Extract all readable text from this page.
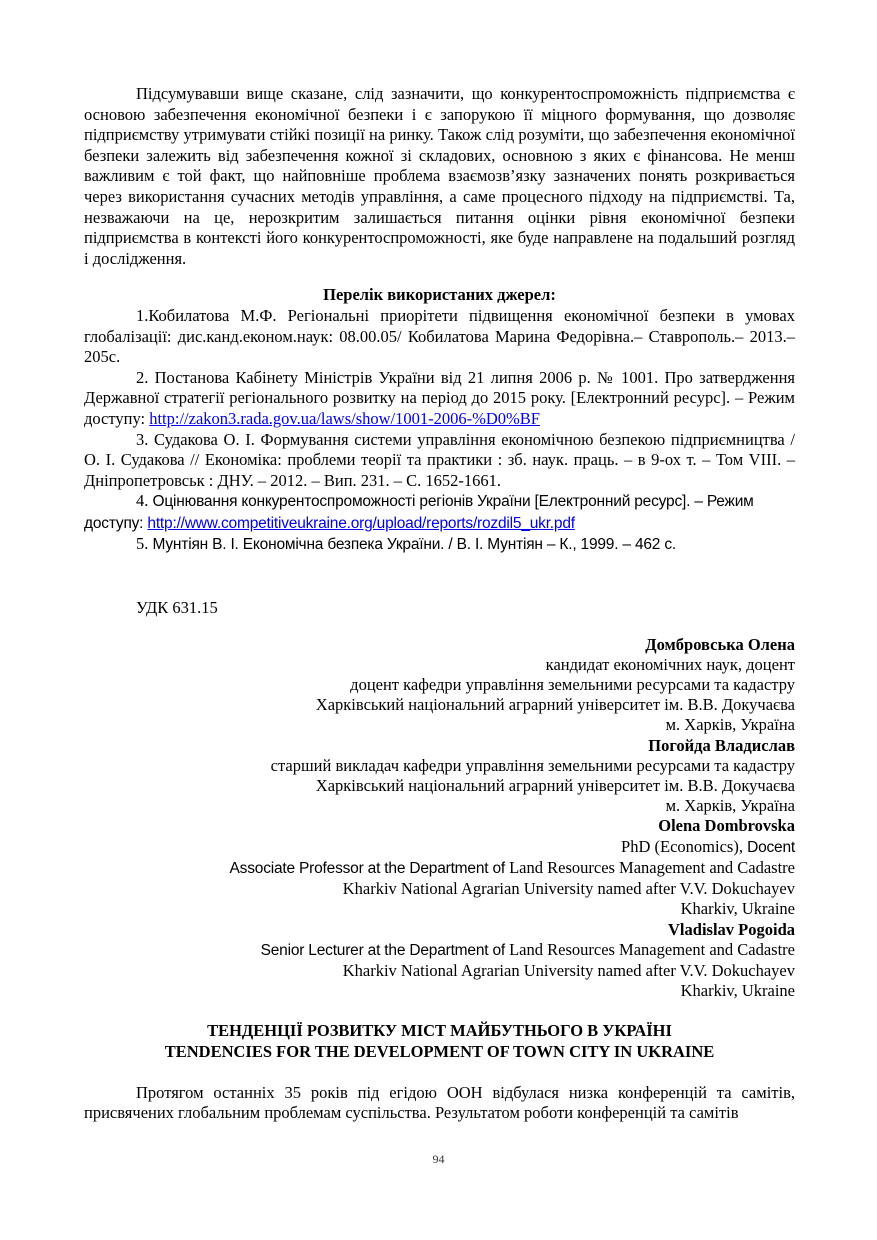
Підсумувавши вище сказане, слід зазначити, що конкурентоспроможність підприємства є основою забезпечення економічної безпеки і є запорукою її міцного формування, що дозволяє підприємству утримувати стійкі позиції на ринку. Також слід розуміти, що забезпечення економічної безпеки залежить від забезпечення кожної зі складових, основною з яких є фінансова. Не менш важливим є той факт, що найповніше проблема взаємозв’язку зазначених понять розкривається через використання сучасних методів управління, а саме процесного підходу на підприємстві. Та, незважаючи на це, нерозкритим залишається питання оцінки рівня економічної безпеки підприємства в контексті його конкурентоспроможності, яке буде направлене на подальший розгляд і дослідження.

Перелік використаних джерел:

1.Кобилатова М.Ф. Регіональні приорітети підвищення економічної безпеки в умовах глобалізації: дис.канд.економ.наук: 08.00.05/ Кобилатова Марина Федорівна.– Ставрополь.– 2013.–205с.

2. Постанова Кабінету Міністрів України від 21 липня 2006 р. № 1001. Про затвердження Державної стратегії регіонального розвитку на період до 2015 року. [Електронний ресурс]. – Режим доступу: http://zakon3.rada.gov.ua/laws/show/1001-2006-%D0%BF

3. Судакова О. І. Формування системи управління економічною безпекою підприємництва / О. І. Судакова // Економіка: проблеми теорії та практики : зб. наук. праць. – в 9-ох т. – Том VIII. – Дніпропетровськ : ДНУ. – 2012. – Вип. 231. – С. 1652-1661.

4. Оцінювання конкурентоспроможності регіонів України [Електронний ресурс]. – Режим доступу: http://www.competitiveukraine.org/upload/reports/rozdil5_ukr.pdf

5. Мунтіян В. І. Економічна безпека України. / В. І. Мунтіян – К., 1999. – 462 с.

УДК 631.15

Домбровська Олена

кандидат економічних наук, доцент

доцент кафедри управління земельними ресурсами та кадастру

Харківський національний аграрний університет ім. В.В. Докучаєва

м. Харків, Україна

Погойда Владислав

старший викладач кафедри управління земельними ресурсами та кадастру

Харківський національний аграрний університет ім. В.В. Докучаєва

м. Харків, Україна

Olena Dombrovska

PhD (Economics), Docent

Associate Professor at the Department of Land Resources Management and Cadastre

Kharkiv National Agrarian University named after V.V. Dokuchayev

Kharkiv, Ukraine

Vladislav Pogoida

Senior Lecturer at the Department of Land Resources Management and Cadastre

Kharkiv National Agrarian University named after V.V. Dokuchayev

Kharkiv, Ukraine

ТЕНДЕНЦІЇ РОЗВИТКУ МІСТ МАЙБУТНЬОГО В УКРАЇНІ

TENDENCIES FOR THE DEVELOPMENT OF TOWN CITY IN UKRAINE

Протягом останніх 35 років під егідою ООН відбулася низка конференцій та самітів, присвячених глобальним проблемам суспільства. Результатом роботи конференцій та самітів

94
